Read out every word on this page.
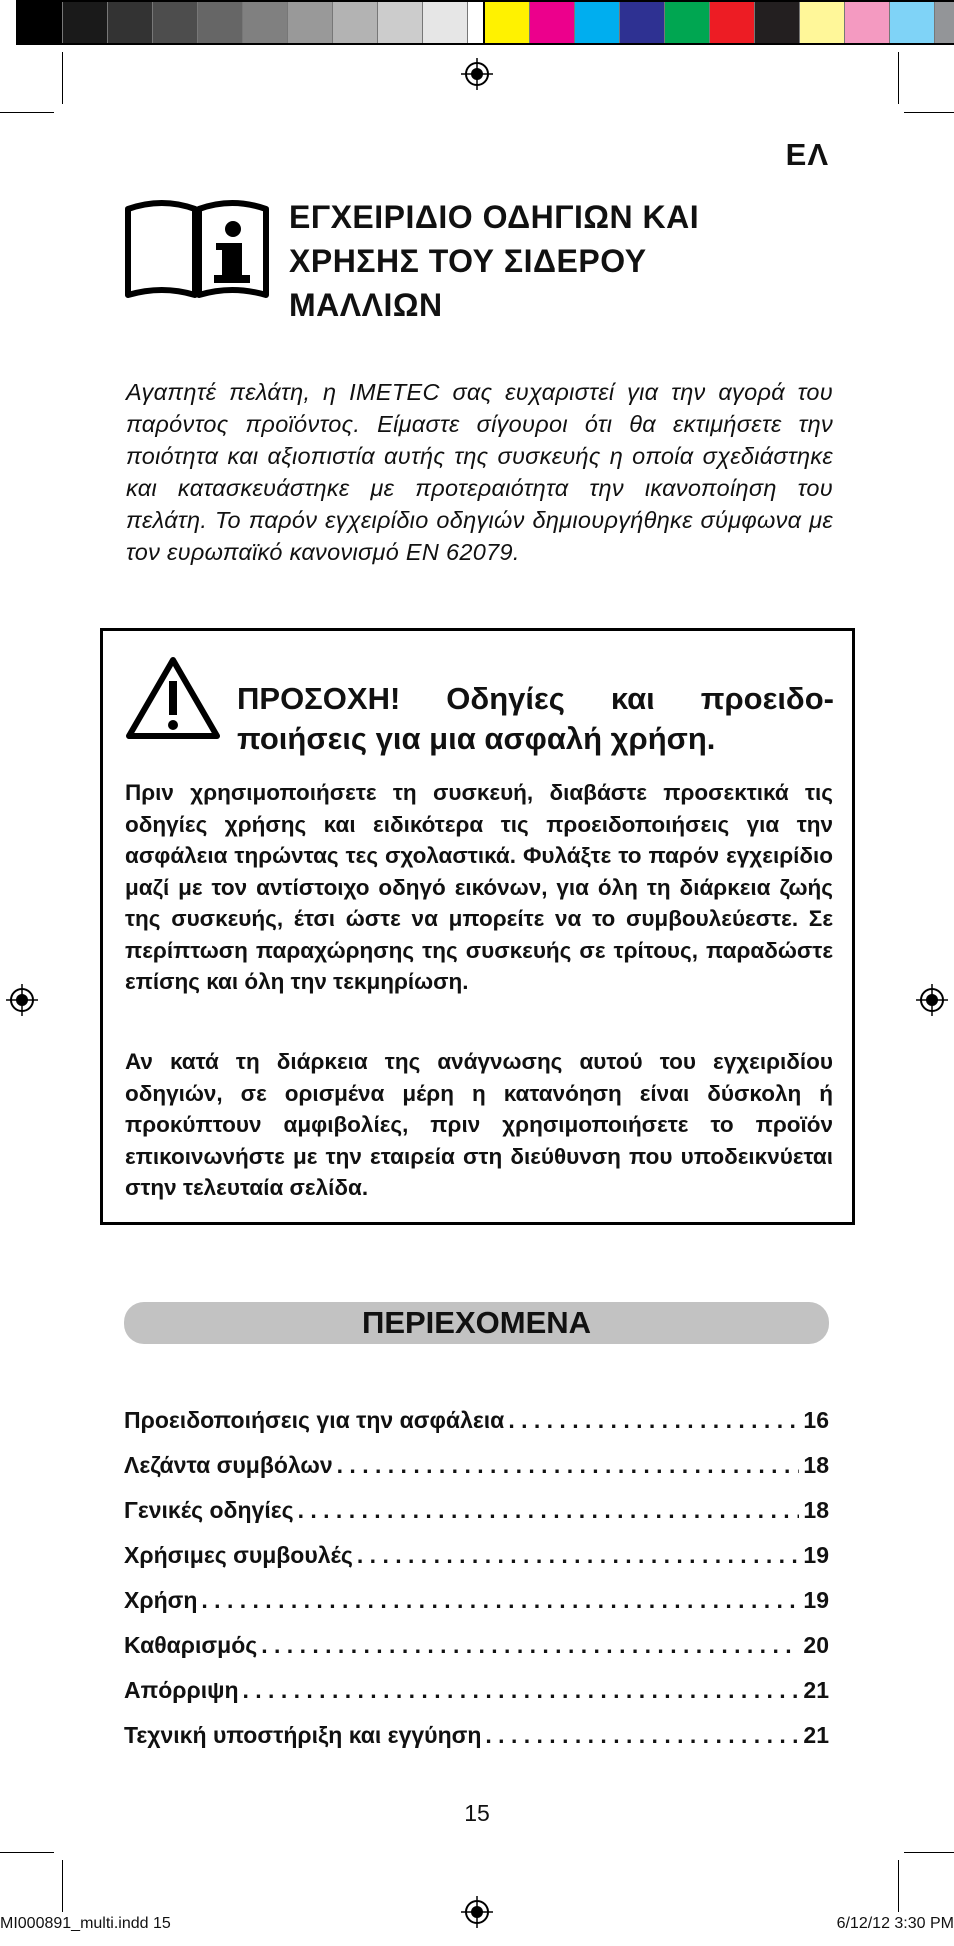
ΕΛ
ΕΓΧΕΙΡΙΔΙΟ ΟΔΗΓΙΩΝ ΚΑΙ
ΧΡΗΣΗΣ ΤΟΥ ΣΙΔΕΡΟΥ
ΜΑΛΛΙΩΝ
Αγαπητέ πελάτη, η IMETEC σας ευχαριστεί για την αγορά του παρόντος προϊόντος. Είμαστε σίγουροι ότι θα εκτιμήσετε την ποιότητα και αξιοπιστία αυτής της συσκευής η οποία σχεδιάστηκε και κατασκευάστηκε με προτεραιότητα την ικανοποίηση του πελάτη. Το παρόν εγχειρίδιο οδηγιών δημιουργήθηκε σύμφωνα με τον ευρωπαϊκό κανονισμό EN 62079.
ΠΡΟΣΟΧΗ! Οδηγίες και προειδο-ποιήσεις για μια ασφαλή χρήση.
Πριν χρησιμοποιήσετε τη συσκευή, διαβάστε προσεκτικά τις οδηγίες χρήσης και ειδικότερα τις προειδοποιήσεις για την ασφάλεια τηρώντας τες σχολαστικά. Φυλάξτε το παρόν εγχειρίδιο μαζί με τον αντίστοιχο οδηγό εικόνων, για όλη τη διάρκεια ζωής της συσκευής, έτσι ώστε να μπορείτε να το συμβουλεύεστε. Σε περίπτωση παραχώρησης της συσκευής σε τρίτους, παραδώστε επίσης και όλη την τεκμηρίωση.
Αν κατά τη διάρκεια της ανάγνωσης αυτού του εγχειριδίου οδηγιών, σε ορισμένα μέρη η κατανόηση είναι δύσκολη ή προκύπτουν αμφιβολίες, πριν χρησιμοποιήσετε το προϊόν επικοινωνήστε με την εταιρεία στη διεύθυνση που υποδεικνύεται στην τελευταία σελίδα.
ΠΕΡΙΕΧΟΜΕΝΑ
Προειδοποιήσεις για την ασφάλεια . . .	16
Λεζάντα συμβόλων . . .	18
Γενικές οδηγίες . . .	18
Χρήσιμες συμβουλές . . .	19
Χρήση . . .	19
Καθαρισμός . . .	20
Απόρριψη . . .	21
Τεχνική υποστήριξη και εγγύηση . . .	21
15
MI000891_multi.indd 15	6/12/12 3:30 PM
